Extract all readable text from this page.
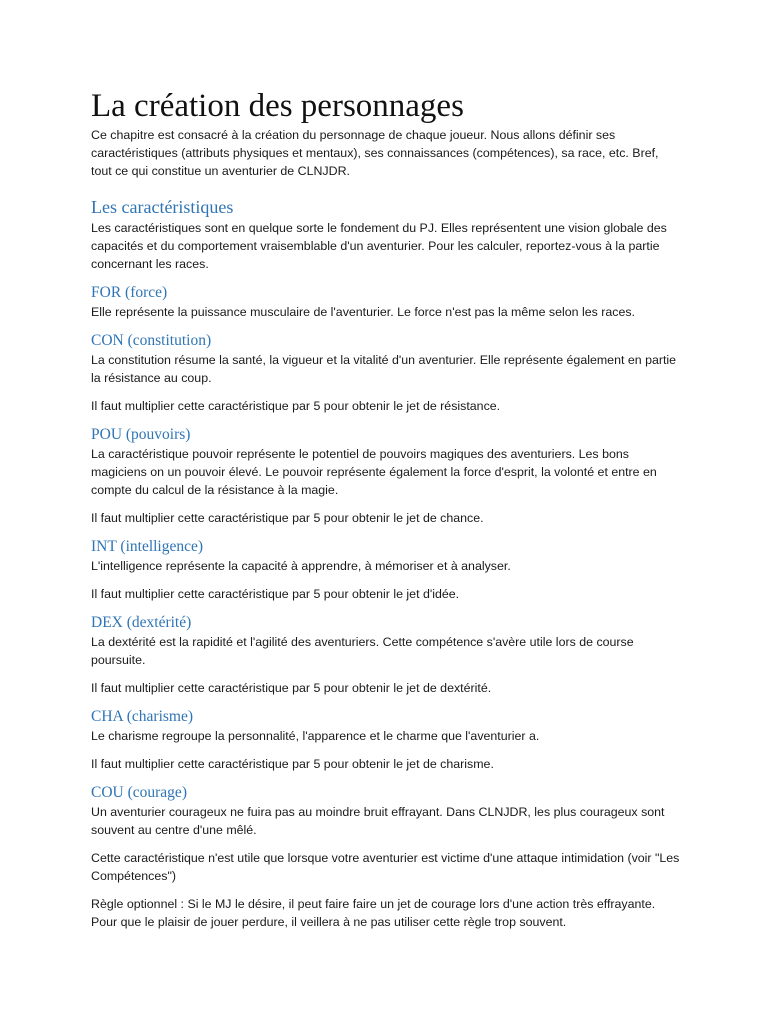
La création des personnages

Ce chapitre est consacré à la création du personnage de chaque joueur. Nous allons définir ses caractéristiques (attributs physiques et mentaux), ses connaissances (compétences), sa race, etc. Bref, tout ce qui constitue un aventurier de CLNJDR.

Les caractéristiques

Les caractéristiques sont en quelque sorte le fondement du PJ. Elles représentent une vision globale des capacités et du comportement vraisemblable d'un aventurier. Pour les calculer, reportez-vous à la partie concernant les races.

FOR (force)

Elle représente la puissance musculaire de l'aventurier. Le force n'est pas la même selon les races.

CON (constitution)

La constitution résume la santé, la vigueur et la vitalité d'un aventurier. Elle représente également en partie la résistance au coup.

Il faut multiplier cette caractéristique par 5 pour obtenir le jet de résistance.

POU (pouvoirs)

La caractéristique pouvoir représente le potentiel de pouvoirs magiques des aventuriers. Les bons magiciens on un pouvoir élevé. Le pouvoir représente également la force d'esprit, la volonté et entre en compte du calcul de la résistance à la magie.

Il faut multiplier cette caractéristique par 5 pour obtenir le jet de chance.

INT (intelligence)

L'intelligence représente la capacité à apprendre, à mémoriser et à analyser.

Il faut multiplier cette caractéristique par 5 pour obtenir le jet d'idée.

DEX (dextérité)

La dextérité est la rapidité et l'agilité des aventuriers. Cette compétence s'avère utile lors de course poursuite.

Il faut multiplier cette caractéristique par 5 pour obtenir le jet de dextérité.

CHA (charisme)

Le charisme regroupe la personnalité, l'apparence et le charme que l'aventurier a.

Il faut multiplier cette caractéristique par 5 pour obtenir le jet de charisme.

COU (courage)

Un aventurier courageux ne fuira pas au moindre bruit effrayant. Dans CLNJDR, les plus courageux sont souvent au centre d'une mêlé.

Cette caractéristique n'est utile que lorsque votre aventurier est victime d'une attaque intimidation (voir "Les Compétences")

Règle optionnel : Si le MJ le désire, il peut faire faire un jet de courage lors d'une action très effrayante. Pour que le plaisir de jouer perdure, il veillera à ne pas utiliser cette règle trop souvent.
